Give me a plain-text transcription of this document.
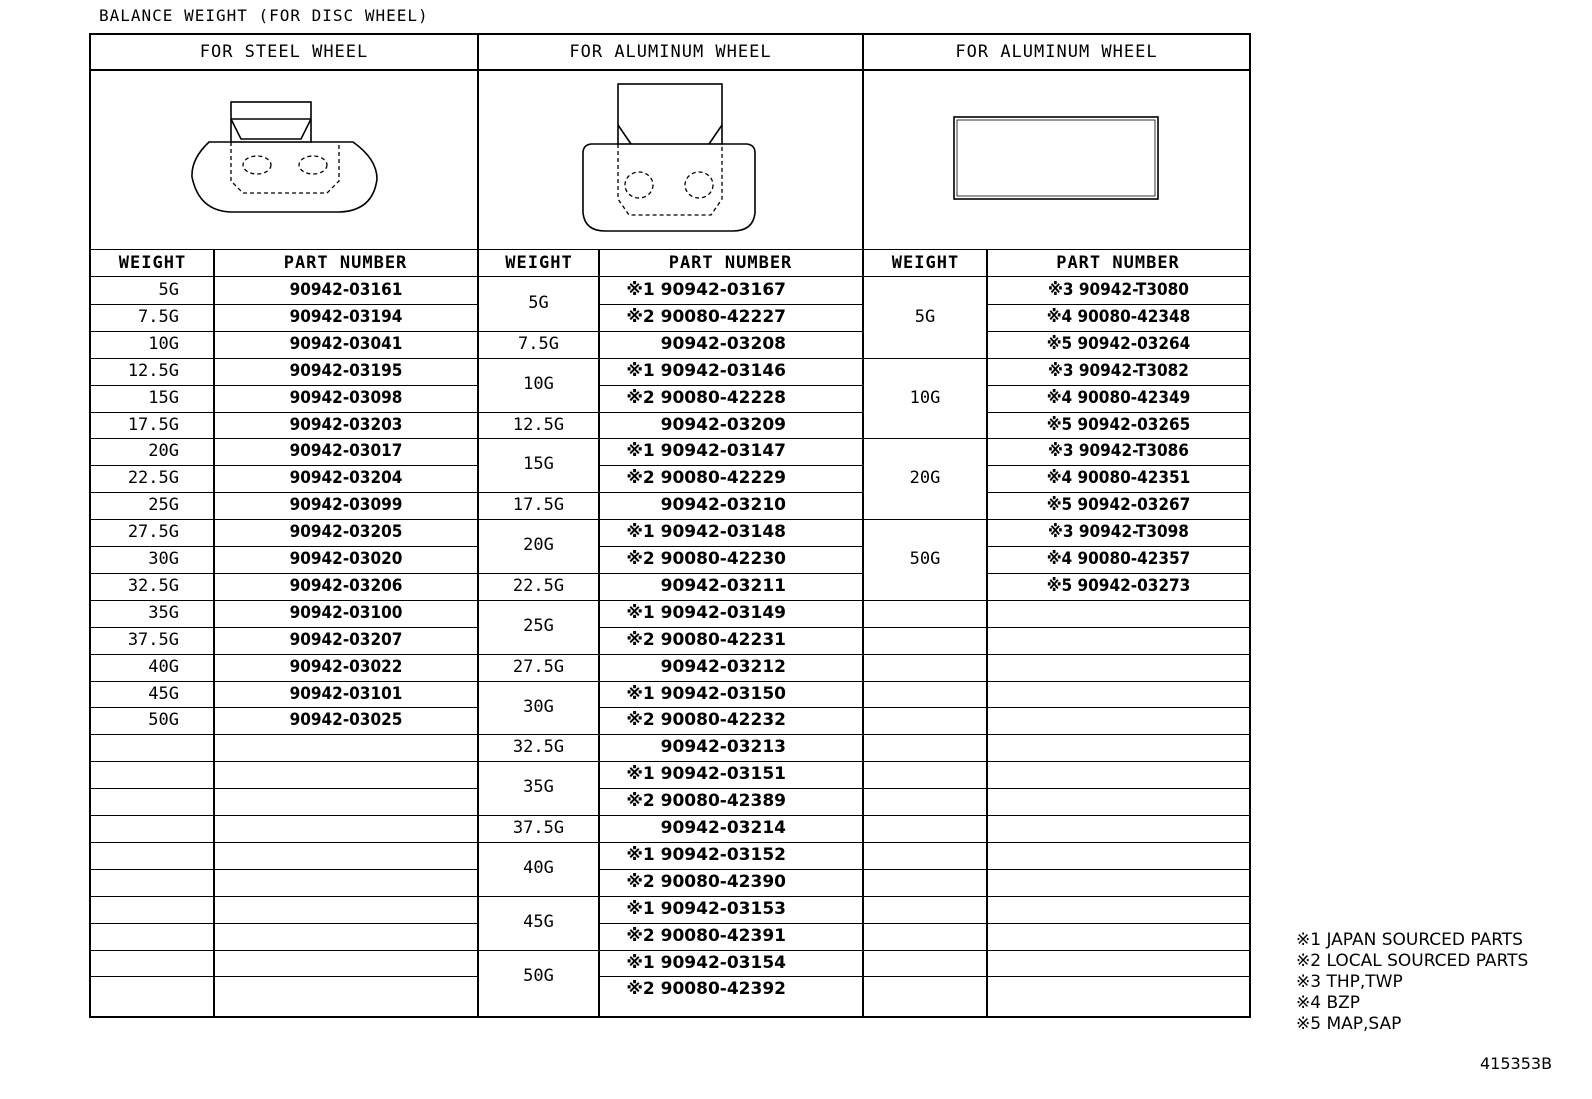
BALANCE WEIGHT (FOR DISC WHEEL)
FOR STEEL WHEEL
WEIGHT	PART NUMBER
5G	90942-03161
7.5G	90942-03194
10G	90942-03041
12.5G	90942-03195
15G	90942-03098
17.5G	90942-03203
20G	90942-03017
22.5G	90942-03204
25G	90942-03099
27.5G	90942-03205
30G	90942-03020
32.5G	90942-03206
35G	90942-03100
37.5G	90942-03207
40G	90942-03022
45G	90942-03101
50G	90942-03025
FOR ALUMINUM WHEEL
WEIGHT	PART NUMBER
5G
※1 90942-03167
※2 90080-42227
7.5G	90942-03208
10G
※1 90942-03146
※2 90080-42228
12.5G	90942-03209
15G
※1 90942-03147
※2 90080-42229
17.5G	90942-03210
20G
※1 90942-03148
※2 90080-42230
22.5G	90942-03211
25G
※1 90942-03149
※2 90080-42231
27.5G	90942-03212
30G
※1 90942-03150
※2 90080-42232
32.5G	90942-03213
35G
※1 90942-03151
※2 90080-42389
37.5G	90942-03214
40G
※1 90942-03152
※2 90080-42390
45G
※1 90942-03153
※2 90080-42391
50G
※1 90942-03154
※2 90080-42392
FOR ALUMINUM WHEEL
WEIGHT	PART NUMBER
5G
※3 90942-T3080
※4 90080-42348
※5 90942-03264
10G
※3 90942-T3082
※4 90080-42349
※5 90942-03265
20G
※3 90942-T3086
※4 90080-42351
※5 90942-03267
50G
※3 90942-T3098
※4 90080-42357
※5 90942-03273
※1 JAPAN SOURCED PARTS
※2 LOCAL SOURCED PARTS
※3 THP,TWP
※4 BZP
※5 MAP,SAP
415353B
